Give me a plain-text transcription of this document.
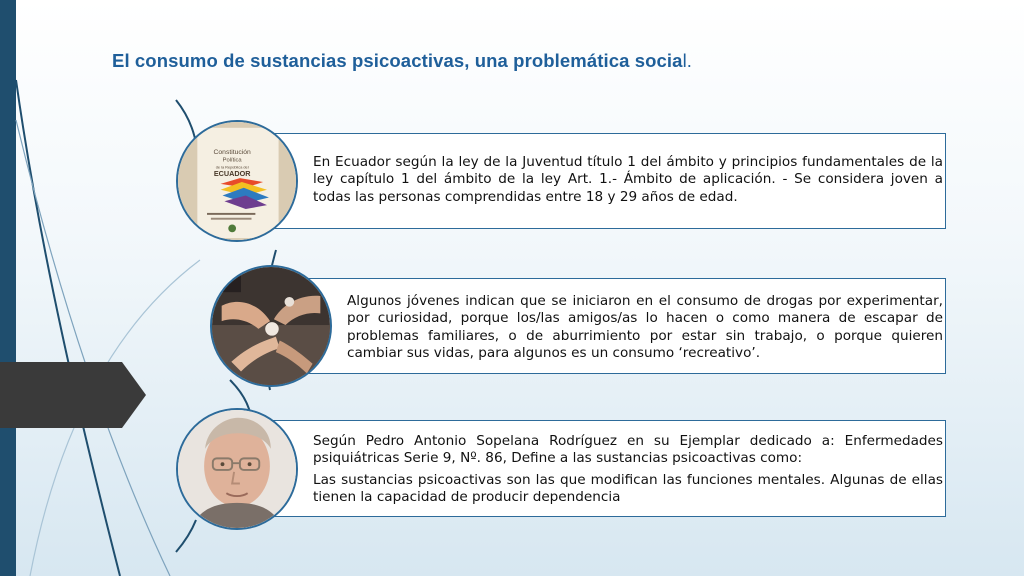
El consumo de sustancias psicoactivas, una problemática social.

En Ecuador según la ley de la Juventud título 1 del ámbito y principios fundamentales de la ley capítulo 1 del ámbito de la ley Art. 1.- Ámbito de aplicación. - Se considera joven a todas las personas comprendidas entre 18 y 29 años de edad.

Constitución
Política
de la República del
ECUADOR

Algunos jóvenes indican que se iniciaron en el consumo de drogas por experimentar, por curiosidad, porque los/las amigos/as lo hacen o como manera de escapar de problemas familiares, o de aburrimiento por estar sin trabajo, o porque quieren cambiar sus vidas, para algunos es un consumo ‘recreativo’.

Según Pedro Antonio Sopelana Rodríguez en su Ejemplar dedicado a: Enfermedades psiquiátricas Serie 9, Nº. 86, Define a las sustancias psicoactivas como:

Las sustancias psicoactivas son las que modifican las funciones mentales. Algunas de ellas tienen la capacidad de producir dependencia
